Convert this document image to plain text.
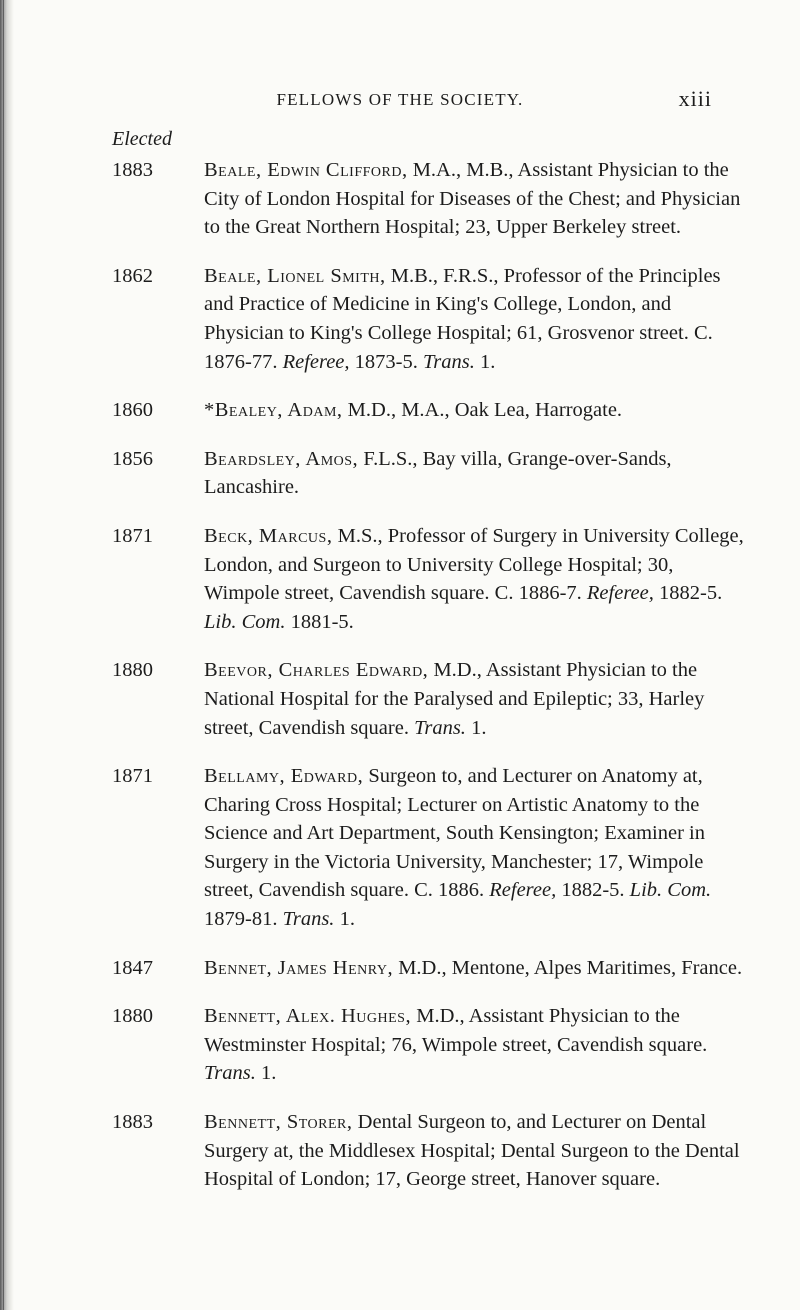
FELLOWS OF THE SOCIETY.	xiii
Elected
1883	Beale, Edwin Clifford, M.A., M.B., Assistant Physician to the City of London Hospital for Diseases of the Chest; and Physician to the Great Northern Hospital; 23, Upper Berkeley street.
1862	Beale, Lionel Smith, M.B., F.R.S., Professor of the Principles and Practice of Medicine in King's College, London, and Physician to King's College Hospital; 61, Grosvenor street. C. 1876-77. Referee, 1873-5. Trans. 1.
1860	*Bealey, Adam, M.D., M.A., Oak Lea, Harrogate.
1856	Beardsley, Amos, F.L.S., Bay villa, Grange-over-Sands, Lancashire.
1871	Beck, Marcus, M.S., Professor of Surgery in University College, London, and Surgeon to University College Hospital; 30, Wimpole street, Cavendish square. C. 1886-7. Referee, 1882-5. Lib. Com. 1881-5.
1880	Beevor, Charles Edward, M.D., Assistant Physician to the National Hospital for the Paralysed and Epileptic; 33, Harley street, Cavendish square. Trans. 1.
1871	Bellamy, Edward, Surgeon to, and Lecturer on Anatomy at, Charing Cross Hospital; Lecturer on Artistic Anatomy to the Science and Art Department, South Kensington; Examiner in Surgery in the Victoria University, Manchester; 17, Wimpole street, Cavendish square. C. 1886. Referee, 1882-5. Lib. Com. 1879-81. Trans. 1.
1847	Bennet, James Henry, M.D., Mentone, Alpes Maritimes, France.
1880	Bennett, Alex. Hughes, M.D., Assistant Physician to the Westminster Hospital; 76, Wimpole street, Cavendish square. Trans. 1.
1883	Bennett, Storer, Dental Surgeon to, and Lecturer on Dental Surgery at, the Middlesex Hospital; Dental Surgeon to the Dental Hospital of London; 17, George street, Hanover square.
